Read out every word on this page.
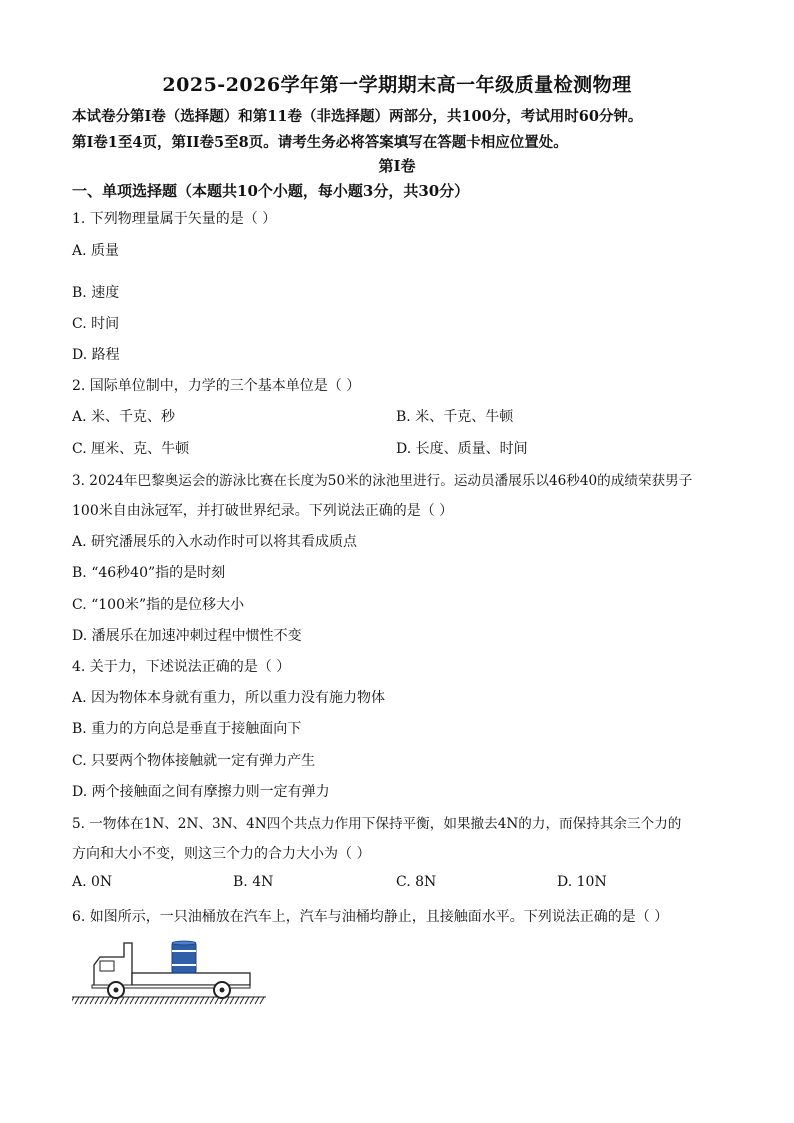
2025-2026学年第一学期期末高一年级质量检测物理
本试卷分第Ⅰ卷（选择题）和第11卷（非选择题）两部分，共100分，考试用时60分钟。
第Ⅰ卷1至4页，第II卷5至8页。请考生务必将答案填写在答题卡相应位置处。
第Ⅰ卷
一、单项选择题（本题共10个小题，每小题3分，共30分）
1. 下列物理量属于矢量的是（ ）
A. 质量
B. 速度
C. 时间
D. 路程
2. 国际单位制中，力学的三个基本单位是（ ）
A. 米、千克、秒	B. 米、千克、牛顿
C. 厘米、克、牛顿	D. 长度、质量、时间
3. 2024年巴黎奥运会的游泳比赛在长度为50米的泳池里进行。运动员潘展乐以46秒40的成绩荣获男子
100米自由泳冠军，并打破世界纪录。下列说法正确的是（ ）
A. 研究潘展乐的入水动作时可以将其看成质点
B. “46秒40”指的是时刻
C. “100米”指的是位移大小
D. 潘展乐在加速冲刺过程中惯性不变
4. 关于力，下述说法正确的是（ ）
A. 因为物体本身就有重力，所以重力没有施力物体
B. 重力的方向总是垂直于接触面向下
C. 只要两个物体接触就一定有弹力产生
D. 两个接触面之间有摩擦力则一定有弹力
5. 一物体在1N、2N、3N、4N四个共点力作用下保持平衡，如果撤去4N的力，而保持其余三个力的
方向和大小不变，则这三个力的合力大小为（ ）
A. 0N	B. 4N	C. 8N	D. 10N
6. 如图所示，一只油桶放在汽车上，汽车与油桶均静止，且接触面水平。下列说法正确的是（ ）
